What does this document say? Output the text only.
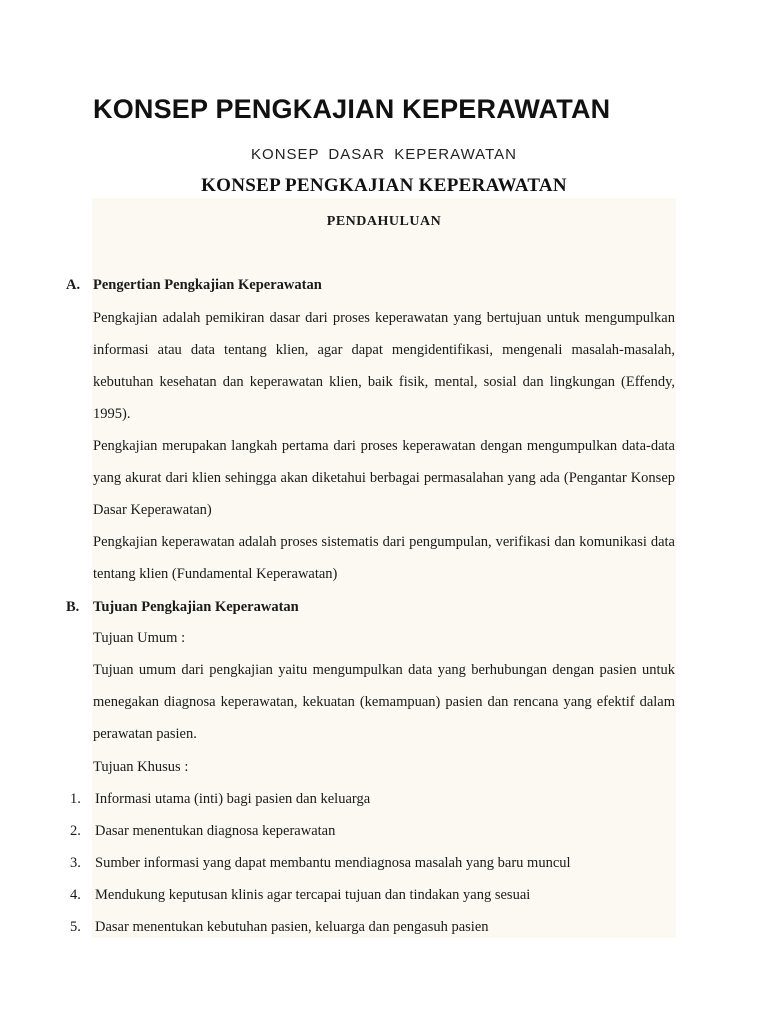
KONSEP PENGKAJIAN KEPERAWATAN
KONSEP DASAR KEPERAWATAN
KONSEP PENGKAJIAN KEPERAWATAN
PENDAHULUAN
A. Pengertian Pengkajian Keperawatan
Pengkajian adalah pemikiran dasar dari proses keperawatan yang bertujuan untuk mengumpulkan informasi atau data tentang klien, agar dapat mengidentifikasi, mengenali masalah-masalah, kebutuhan kesehatan dan keperawatan klien, baik fisik, mental, sosial dan lingkungan (Effendy, 1995).
Pengkajian merupakan langkah pertama dari proses keperawatan dengan mengumpulkan data-data yang akurat dari klien sehingga akan diketahui berbagai permasalahan yang ada (Pengantar Konsep Dasar Keperawatan)
Pengkajian keperawatan adalah proses sistematis dari pengumpulan, verifikasi dan komunikasi data tentang klien (Fundamental Keperawatan)
B. Tujuan Pengkajian Keperawatan
Tujuan Umum :
Tujuan umum dari pengkajian yaitu mengumpulkan data yang berhubungan dengan pasien untuk menegakan diagnosa keperawatan, kekuatan (kemampuan) pasien dan rencana yang efektif dalam perawatan pasien.
Tujuan Khusus :
1. Informasi utama (inti) bagi pasien dan keluarga
2. Dasar menentukan diagnosa keperawatan
3. Sumber informasi yang dapat membantu mendiagnosa masalah yang baru muncul
4. Mendukung keputusan klinis agar tercapai tujuan dan tindakan yang sesuai
5. Dasar menentukan kebutuhan pasien, keluarga dan pengasuh pasien
